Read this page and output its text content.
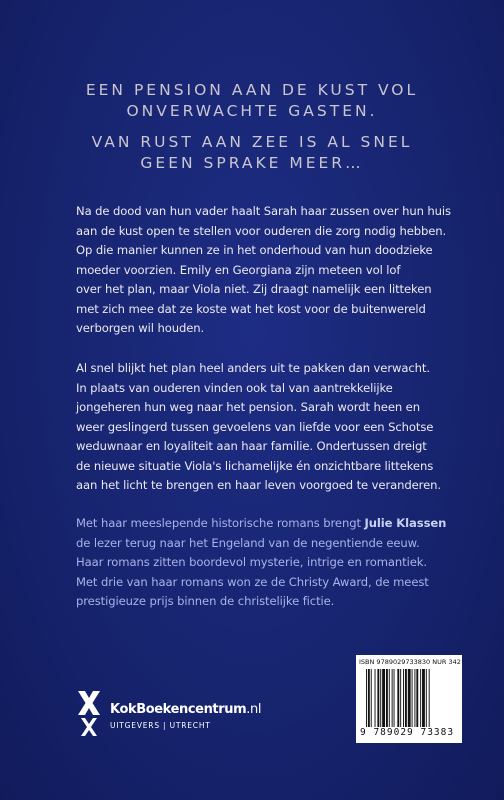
EEN PENSION AAN DE KUST VOL
ONVERWACHTE GASTEN.
VAN RUST AAN ZEE IS AL SNEL
GEEN SPRAKE MEER…
Na de dood van hun vader haalt Sarah haar zussen over hun huis
aan de kust open te stellen voor ouderen die zorg nodig hebben.
Op die manier kunnen ze in het onderhoud van hun doodzieke
moeder voorzien. Emily en Georgiana zijn meteen vol lof
over het plan, maar Viola niet. Zij draagt namelijk een litteken
met zich mee dat ze koste wat het kost voor de buitenwereld
verborgen wil houden.
Al snel blijkt het plan heel anders uit te pakken dan verwacht.
In plaats van ouderen vinden ook tal van aantrekkelijke
jongeheren hun weg naar het pension. Sarah wordt heen en
weer geslingerd tussen gevoelens van liefde voor een Schotse
weduwnaar en loyaliteit aan haar familie. Ondertussen dreigt
de nieuwe situatie Viola's lichamelijke én onzichtbare littekens
aan het licht te brengen en haar leven voorgoed te veranderen.
Met haar meeslepende historische romans brengt Julie Klassen
de lezer terug naar het Engeland van de negentiende eeuw.
Haar romans zitten boordevol mysterie, intrige en romantiek.
Met drie van haar romans won ze de Christy Award, de meest
prestigieuze prijs binnen de christelijke fictie.
ISBN 9789029733830 NUR 342
9 789029 73383
KokBoekencentrum.nl
UITGEVERS | UTRECHT
